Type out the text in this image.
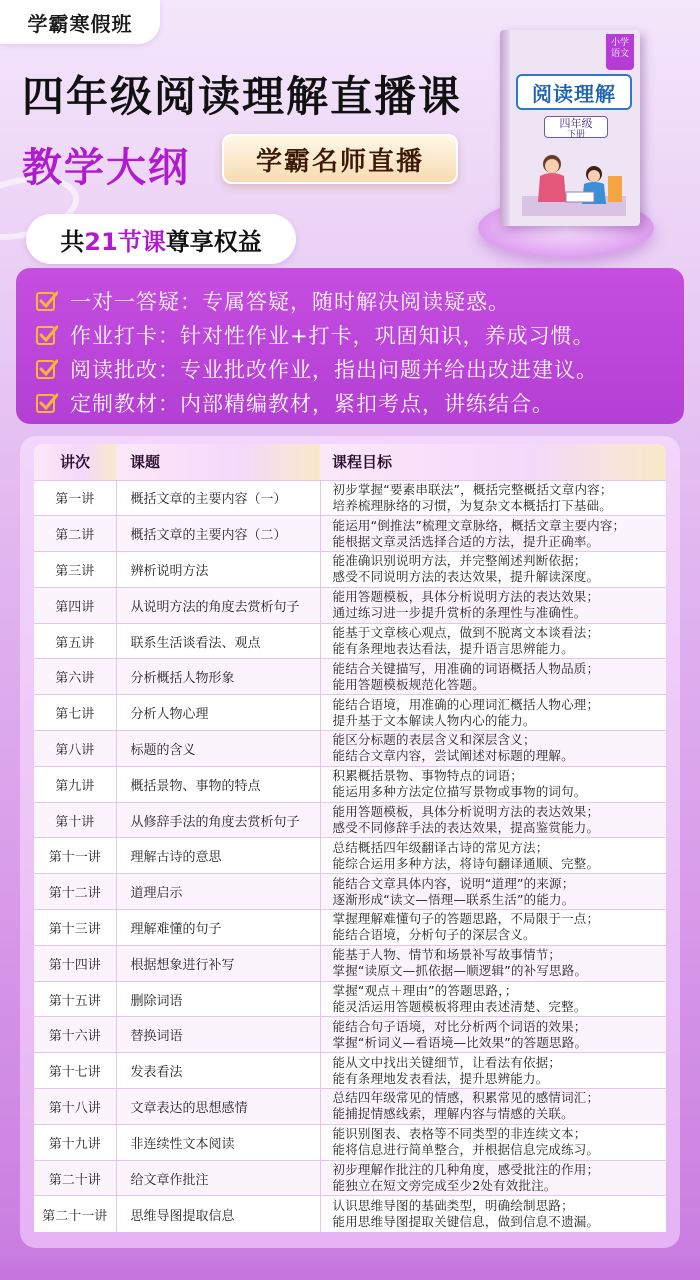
学霸寒假班
四年级阅读理解直播课
教学大纲	学霸名师直播
小学
语文
阅读理解
四年级
下册
共 21节课 尊享权益
一对一答疑：专属答疑，随时解决阅读疑惑。
作业打卡：针对性作业+打卡，巩固知识，养成习惯。
阅读批改：专业批改作业，指出问题并给出改进建议。
定制教材：内部精编教材，紧扣考点，讲练结合。
讲次	课题	课程目标
第一讲	概括文章的主要内容（一）	初步掌握“要素串联法”，概括完整概括文章内容；
培养梳理脉络的习惯，为复杂文本概括打下基础。

第二讲	概括文章的主要内容（二）	能运用“倒推法”梳理文章脉络，概括文章主要内容；
能根据文章灵活选择合适的方法，提升正确率。

第三讲	辨析说明方法	能准确识别说明方法，并完整阐述判断依据；
感受不同说明方法的表达效果，提升解读深度。

第四讲	从说明方法的角度去赏析句子	能用答题模板，具体分析说明方法的表达效果；
通过练习进一步提升赏析的条理性与准确性。

第五讲	联系生活谈看法、观点	能基于文章核心观点，做到不脱离文本谈看法；
能有条理地表达看法，提升语言思辨能力。

第六讲	分析概括人物形象	能结合关键描写，用准确的词语概括人物品质；
能用答题模板规范化答题。

第七讲	分析人物心理	能结合语境，用准确的心理词汇概括人物心理；
提升基于文本解读人物内心的能力。

第八讲	标题的含义	能区分标题的表层含义和深层含义；
能结合文章内容，尝试阐述对标题的理解。

第九讲	概括景物、事物的特点	积累概括景物、事物特点的词语；
能运用多种方法定位描写景物或事物的词句。

第十讲	从修辞手法的角度去赏析句子	能用答题模板，具体分析说明方法的表达效果；
感受不同修辞手法的表达效果，提高鉴赏能力。

第十一讲	理解古诗的意思	总结概括四年级翻译古诗的常见方法；
能综合运用多种方法，将诗句翻译通顺、完整。

第十二讲	道理启示	能结合文章具体内容，说明“道理”的来源；
逐渐形成“读文—悟理—联系生活”的能力。

第十三讲	理解难懂的句子	掌握理解难懂句子的答题思路，不局限于一点；
能结合语境，分析句子的深层含义。

第十四讲	根据想象进行补写	能基于人物、情节和场景补写故事情节；
掌握“读原文—抓依据—顺逻辑”的补写思路。

第十五讲	删除词语	掌握“观点＋理由”的答题思路，；
能灵活运用答题模板将理由表述清楚、完整。

第十六讲	替换词语	能结合句子语境，对比分析两个词语的效果；
掌握“析词义—看语境—比效果”的答题思路。

第十七讲	发表看法	能从文中找出关键细节，让看法有依据；
能有条理地发表看法，提升思辨能力。

第十八讲	文章表达的思想感情	总结四年级常见的情感，积累常见的感情词汇；
能捕捉情感线索，理解内容与情感的关联。

第十九讲	非连续性文本阅读	能识别图表、表格等不同类型的非连续文本；
能将信息进行简单整合，并根据信息完成练习。

第二十讲	给文章作批注	初步理解作批注的几种角度，感受批注的作用；
能独立在短文旁完成至少2处有效批注。

第二十一讲	思维导图提取信息	认识思维导图的基础类型，明确绘制思路；
能用思维导图提取关键信息，做到信息不遗漏。
